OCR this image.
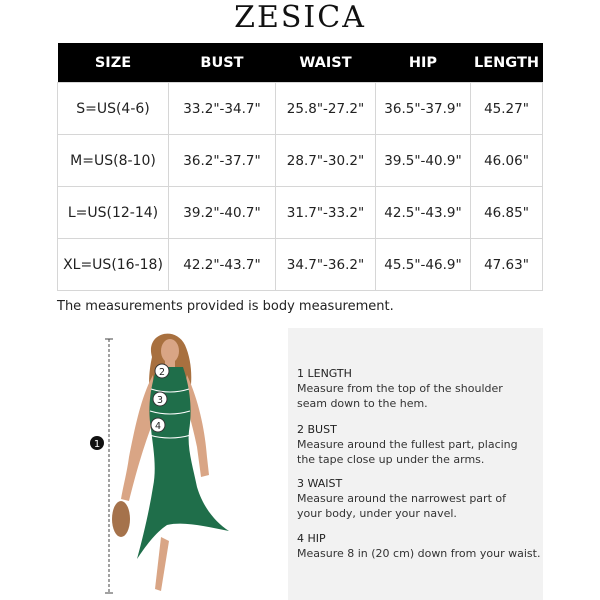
ZESICA
SIZE	BUST	WAIST	HIP	LENGTH
S=US(4-6)	33.2"-34.7"	25.8"-27.2"	36.5"-37.9"	45.27"
M=US(8-10)	36.2"-37.7"	28.7"-30.2"	39.5"-40.9"	46.06"
L=US(12-14)	39.2"-40.7"	31.7"-33.2"	42.5"-43.9"	46.85"
XL=US(16-18)	42.2"-43.7"	34.7"-36.2"	45.5"-46.9"	47.63"
The measurements provided is body measurement.
1
2
3
4
1 LENGTH
Measure from the top of the shoulder
seam down to the hem.
2 BUST
Measure around the fullest part, placing
the tape close up under the arms.
3 WAIST
Measure around the narrowest part of
your body, under your navel.
4 HIP
Measure 8 in (20 cm) down from your waist.
